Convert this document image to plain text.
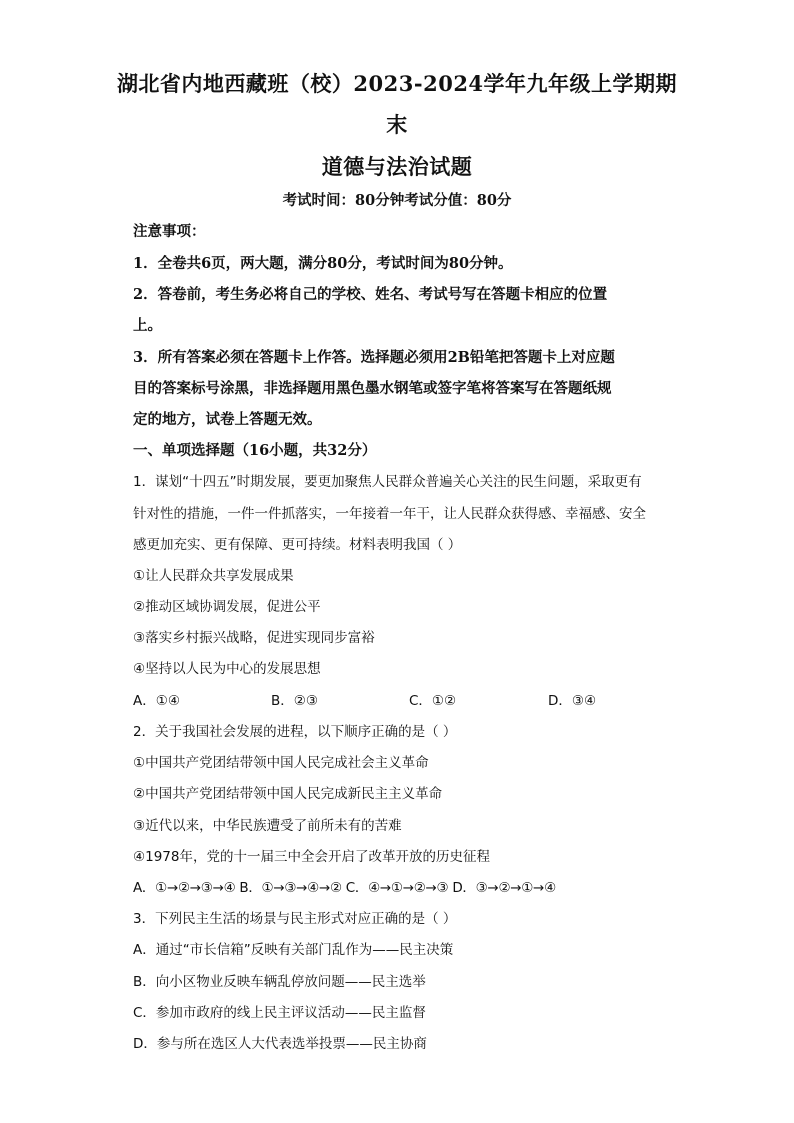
湖北省内地西藏班（校）2023-2024学年九年级上学期期
末
道德与法治试题
考试时间：80分钟考试分值：80分
注意事项：
1．全卷共6页，两大题，满分80分，考试时间为80分钟。
2．答卷前，考生务必将自己的学校、姓名、考试号写在答题卡相应的位置
上。
3．所有答案必须在答题卡上作答。选择题必须用2B铅笔把答题卡上对应题
目的答案标号涂黑，非选择题用黑色墨水钢笔或签字笔将答案写在答题纸规
定的地方，试卷上答题无效。
一、单项选择题（16小题，共32分）
1．谋划“十四五”时期发展，要更加聚焦人民群众普遍关心关注的民生问题，采取更有
针对性的措施，一件一件抓落实，一年接着一年干，让人民群众获得感、幸福感、安全
感更加充实、更有保障、更可持续。材料表明我国（ ）
①让人民群众共享发展成果
②推动区域协调发展，促进公平
③落实乡村振兴战略，促进实现同步富裕
④坚持以人民为中心的发展思想
A．①④	B．②③	C．①②	D．③④
2．关于我国社会发展的进程，以下顺序正确的是（ ）
①中国共产党团结带领中国人民完成社会主义革命
②中国共产党团结带领中国人民完成新民主主义革命
③近代以来，中华民族遭受了前所未有的苦难
④1978年，党的十一届三中全会开启了改革开放的历史征程
A．①→②→③→④ B．①→③→④→② C．④→①→②→③ D．③→②→①→④
3．下列民主生活的场景与民主形式对应正确的是（ ）
A．通过“市长信箱”反映有关部门乱作为——民主决策
B．向小区物业反映车辆乱停放问题——民主选举
C．参加市政府的线上民主评议活动——民主监督
D．参与所在选区人大代表选举投票——民主协商
